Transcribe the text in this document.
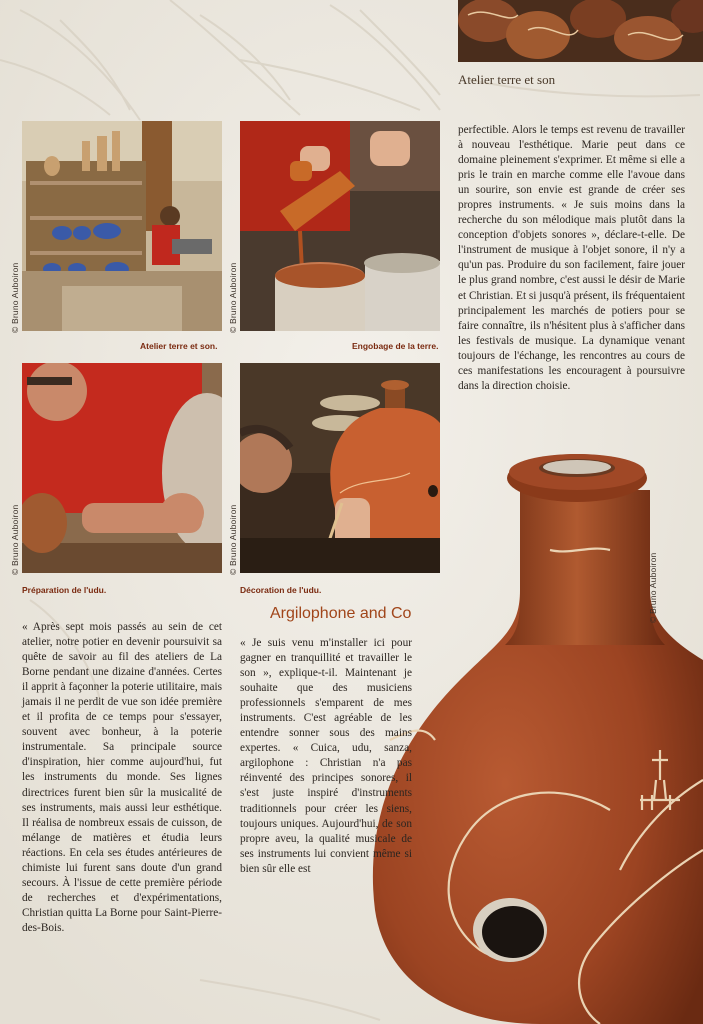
Atelier terre et son
© Bruno Auboiron
Atelier terre et son.
© Bruno Auboiron
Engobage de la terre.
© Bruno Auboiron
Préparation de l'udu.
© Bruno Auboiron
Décoration de l'udu.	© Bruno Auboiron

perfectible. Alors le temps est revenu de travailler à nouveau l'esthétique. Marie peut dans ce domaine pleinement s'exprimer. Et même si elle a pris le train en marche comme elle l'avoue dans un sourire, son envie est grande de créer ses propres instruments. « Je suis moins dans la recherche du son mélodique mais plutôt dans la conception d'objets sonores », déclare-t-elle. De l'instrument de musique à l'objet sonore, il n'y a qu'un pas. Produire du son facilement, faire jouer le plus grand nombre, c'est aussi le désir de Marie et Christian. Et si jusqu'à présent, ils fréquentaient principalement les marchés de potiers pour se faire connaître, ils n'hésitent plus à s'afficher dans les festivals de musique. La dynamique venant toujours de l'échange, les rencontres au cours de ces manifestations les encouragent à poursuivre dans la direction choisie.

Argilophone and Co

« Après sept mois passés au sein de cet atelier, notre potier en devenir poursuivit sa quête de savoir au fil des ateliers de La Borne pendant une dizaine d'années. Certes il apprit à façonner la poterie utilitaire, mais jamais il ne perdit de vue son idée première et il profita de ce temps pour s'essayer, souvent avec bonheur, à la poterie instrumentale. Sa principale source d'inspiration, hier comme aujourd'hui, fut les instruments du monde. Ses lignes directrices furent bien sûr la musicalité de ses instruments, mais aussi leur esthétique. Il réalisa de nombreux essais de cuisson, de mélange de matières et étudia leurs réactions. En cela ses études antérieures de chimiste lui furent sans doute d'un grand secours. À l'issue de cette première période de recherches et d'expérimentations, Christian quitta La Borne pour Saint-Pierre-des-Bois.

« Je suis venu m'installer ici pour gagner en tranquillité et travailler le son », explique-t-il. Maintenant je souhaite que des musiciens professionnels s'emparent de mes instruments. C'est agréable de les entendre sonner sous des mains expertes. « Cuica, udu, sanza, argilophone : Christian n'a pas réinventé des principes sonores, il s'est juste inspiré d'instruments traditionnels pour créer les siens, toujours uniques. Aujourd'hui, de son propre aveu, la qualité musicale de ses instruments lui convient même si bien sûr elle est
